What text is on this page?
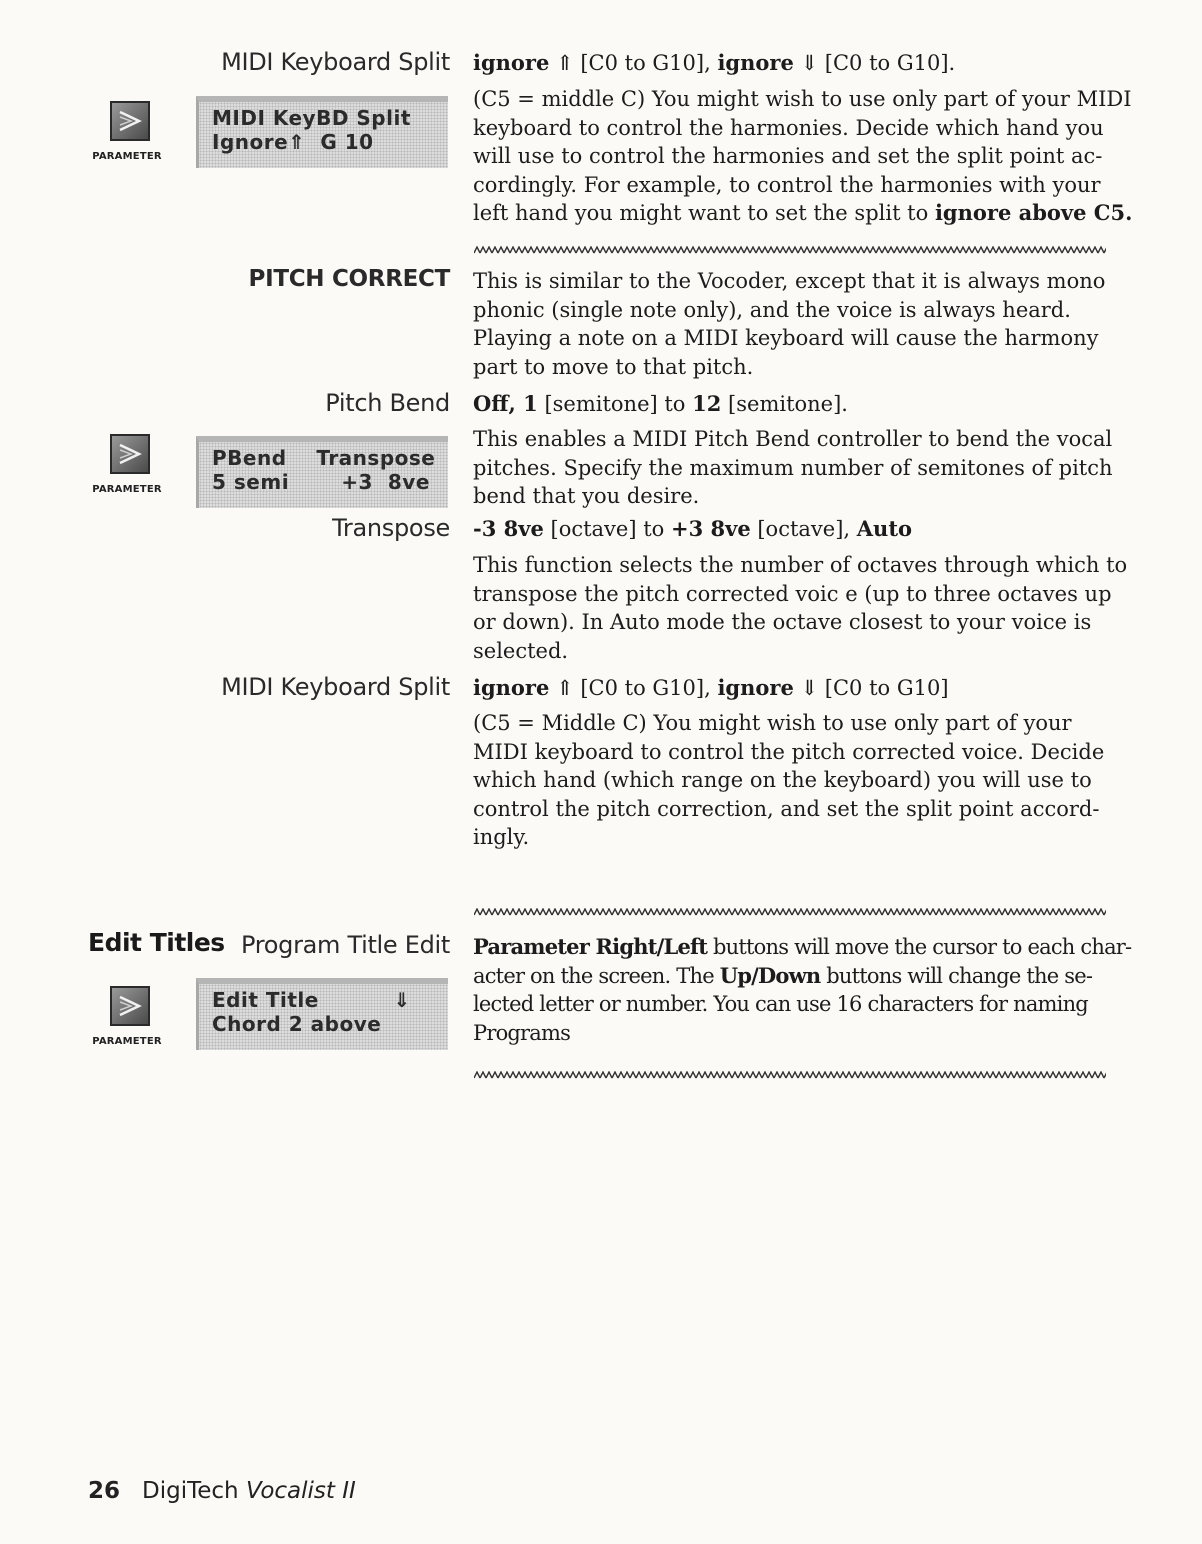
MIDI Keyboard Split ignore ⇑ [C0 to G10], ignore ⇓ [C0 to G10].
PARAMETER
MIDI KeyBD Split
Ignore⇑  G 10
(C5 = middle C) You might wish to use only part of your MIDI keyboard to control the harmonies. Decide which hand you will use to control the harmonies and set the split point accordingly. For example, to control the harmonies with your left hand you might want to set the split to ignore above C5.
PITCH CORRECT This is similar to the Vocoder, except that it is always mono phonic (single note only), and the voice is always heard. Playing a note on a MIDI keyboard will cause the harmony part to move to that pitch.
Pitch Bend Off, 1 [semitone] to 12 [semitone].
PARAMETER
PBend    Transpose
5 semi       +3  8ve
This enables a MIDI Pitch Bend controller to bend the vocal pitches. Specify the maximum number of semitones of pitch bend that you desire.
Transpose -3 8ve [octave] to +3 8ve [octave], Auto
This function selects the number of octaves through which to transpose the pitch corrected voic e (up to three octaves up or down). In Auto mode the octave closest to your voice is selected.
MIDI Keyboard Split ignore ⇑ [C0 to G10], ignore ⇓ [C0 to G10]
(C5 = Middle C) You might wish to use only part of your MIDI keyboard to control the pitch corrected voice. Decide which hand (which range on the keyboard) you will use to control the pitch correction, and set the split point accordingly.
Edit Titles Program Title Edit
PARAMETER
Edit Title          ⇓
Chord 2 above
Parameter Right/Left buttons will move the cursor to each character on the screen. The Up/Down buttons will change the selected letter or number. You can use 16 characters for naming Programs
26 DigiTech Vocalist II
